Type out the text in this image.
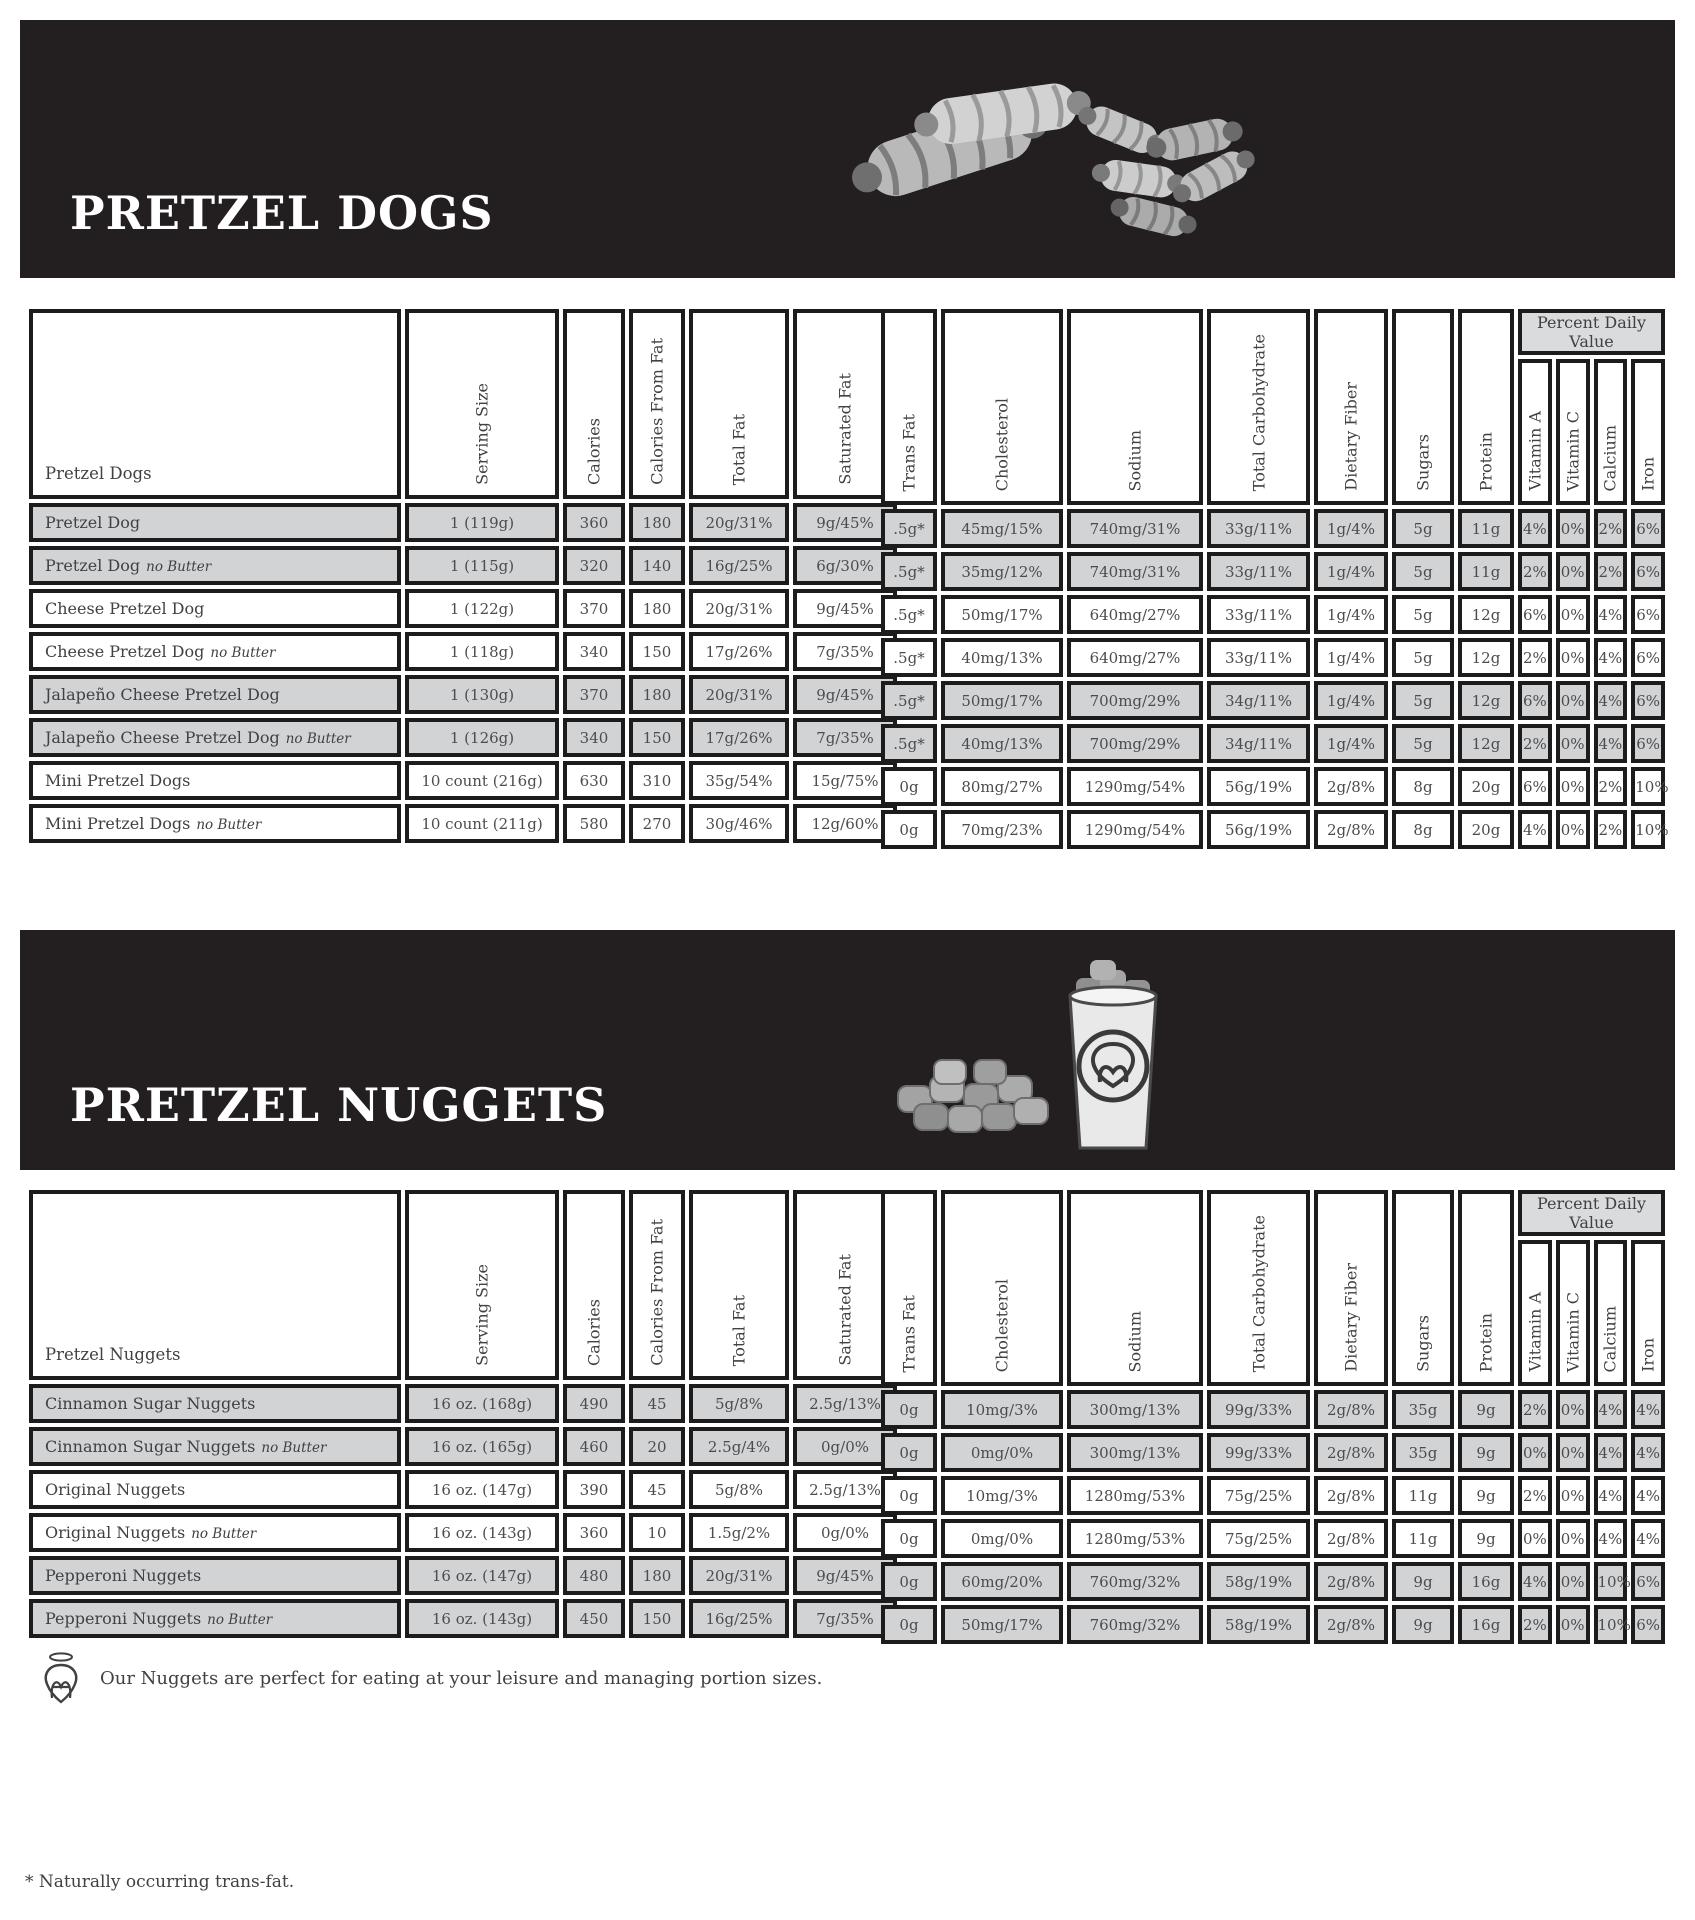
PRETZEL DOGS
Pretzel Dogs	Serving Size	Calories	Calories From Fat	Total Fat	Saturated Fat

Pretzel Dog	1 (119g)	360	180	20g/31%	9g/45%
Pretzel Dog no Butter	1 (115g)	320	140	16g/25%	6g/30%
Cheese Pretzel Dog	1 (122g)	370	180	20g/31%	9g/45%
Cheese Pretzel Dog no Butter	1 (118g)	340	150	17g/26%	7g/35%
Jalapeño Cheese Pretzel Dog	1 (130g)	370	180	20g/31%	9g/45%
Jalapeño Cheese Pretzel Dog no Butter	1 (126g)	340	150	17g/26%	7g/35%
Mini Pretzel Dogs	10 count (216g)	630	310	35g/54%	15g/75%
Mini Pretzel Dogs no Butter	10 count (211g)	580	270	30g/46%	12g/60%
Trans Fat	Cholesterol	Sodium	Total Carbohydrate	Dietary Fiber	Sugars	Protein	Percent Daily Value			

							Vitamin A	Vitamin C	Calcium	Iron

.5g*	45mg/15%	740mg/31%	33g/11%	1g/4%	5g	11g	4%	0%	2%	6%
.5g*	35mg/12%	740mg/31%	33g/11%	1g/4%	5g	11g	2%	0%	2%	6%
.5g*	50mg/17%	640mg/27%	33g/11%	1g/4%	5g	12g	6%	0%	4%	6%
.5g*	40mg/13%	640mg/27%	33g/11%	1g/4%	5g	12g	2%	0%	4%	6%
.5g*	50mg/17%	700mg/29%	34g/11%	1g/4%	5g	12g	6%	0%	4%	6%
.5g*	40mg/13%	700mg/29%	34g/11%	1g/4%	5g	12g	2%	0%	4%	6%
0g	80mg/27%	1290mg/54%	56g/19%	2g/8%	8g	20g	6%	0%	2%	10%
0g	70mg/23%	1290mg/54%	56g/19%	2g/8%	8g	20g	4%	0%	2%	10%
PRETZEL NUGGETS
Pretzel Nuggets	Serving Size	Calories	Calories From Fat	Total Fat	Saturated Fat

Cinnamon Sugar Nuggets	16 oz. (168g)	490	45	5g/8%	2.5g/13%
Cinnamon Sugar Nuggets no Butter	16 oz. (165g)	460	20	2.5g/4%	0g/0%
Original Nuggets	16 oz. (147g)	390	45	5g/8%	2.5g/13%
Original Nuggets no Butter	16 oz. (143g)	360	10	1.5g/2%	0g/0%
Pepperoni Nuggets	16 oz. (147g)	480	180	20g/31%	9g/45%
Pepperoni Nuggets no Butter	16 oz. (143g)	450	150	16g/25%	7g/35%
Trans Fat	Cholesterol	Sodium	Total Carbohydrate	Dietary Fiber	Sugars	Protein	Percent Daily Value			

							Vitamin A	Vitamin C	Calcium	Iron

0g	10mg/3%	300mg/13%	99g/33%	2g/8%	35g	9g	2%	0%	4%	4%
0g	0mg/0%	300mg/13%	99g/33%	2g/8%	35g	9g	0%	0%	4%	4%
0g	10mg/3%	1280mg/53%	75g/25%	2g/8%	11g	9g	2%	0%	4%	4%
0g	0mg/0%	1280mg/53%	75g/25%	2g/8%	11g	9g	0%	0%	4%	4%
0g	60mg/20%	760mg/32%	58g/19%	2g/8%	9g	16g	4%	0%	10%	6%
0g	50mg/17%	760mg/32%	58g/19%	2g/8%	9g	16g	2%	0%	10%	6%
Our Nuggets are perfect for eating at your leisure and managing portion sizes.
* Naturally occurring trans-fat.
